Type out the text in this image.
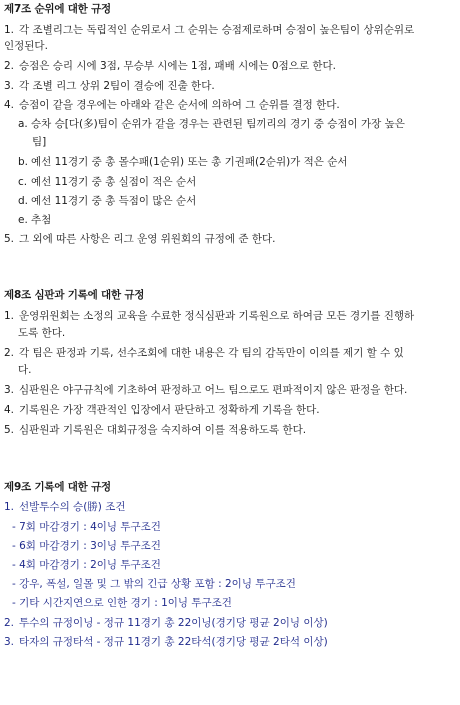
제7조 순위에 대한 규정
1. 각 조별리그는 독립적인 순위로서 그 순위는 승점제로하며 승점이 높은팀이 상위순위로
인정된다.
2. 승점은 승리 시에 3점, 무승부 시에는 1점, 패배 시에는 0점으로 한다.
3. 각 조별 리그 상위 2팀이 결승에 진출 한다.
4. 승점이 같을 경우에는 아래와 같은 순서에 의하여 그 순위를 결정 한다.
a. 승차 승[다(多)팀이 순위가 같을 경우는 관련된 팀끼리의 경기 중 승점이 가장 높은
팀]
b. 예선 11경기 중 총 몰수패(1순위) 또는 총 기권패(2순위)가 적은 순서
c. 예선 11경기 중 총 실점이 적은 순서
d. 예선 11경기 중 총 득점이 많은 순서
e. 추첨
5. 그 외에 따른 사항은 리그 운영 위원회의 규정에 준 한다.
제8조 심판과 기록에 대한 규정
1. 운영위원회는 소정의 교육을 수료한 정식심판과 기록원으로 하여금 모든 경기를 진행하
도록 한다.
2. 각 팀은 판정과 기록, 선수조회에 대한 내용은 각 팀의 감독만이 이의를 제기 할 수 있
다.
3. 심판원은 야구규칙에 기초하여 판정하고 어느 팀으로도 편파적이지 않은 판정을 한다.
4. 기록원은 가장 객관적인 입장에서 판단하고 정확하게 기록을 한다.
5. 심판원과 기록원은 대회규정을 숙지하여 이를 적용하도록 한다.
제9조 기록에 대한 규정
1. 선발투수의 승(勝) 조건
- 7회 마감경기 : 4이닝 투구조건
- 6회 마감경기 : 3이닝 투구조건
- 4회 마감경기 : 2이닝 투구조건
- 강우, 폭설, 일몰 및 그 밖의 긴급 상황 포함 : 2이닝 투구조건
- 기타 시간지연으로 인한 경기 : 1이닝 투구조건
2. 투수의 규정이닝 - 정규 11경기 총 22이닝(경기당 평균 2이닝 이상)
3. 타자의 규정타석 - 정규 11경기 총 22타석(경기당 평균 2타석 이상)
